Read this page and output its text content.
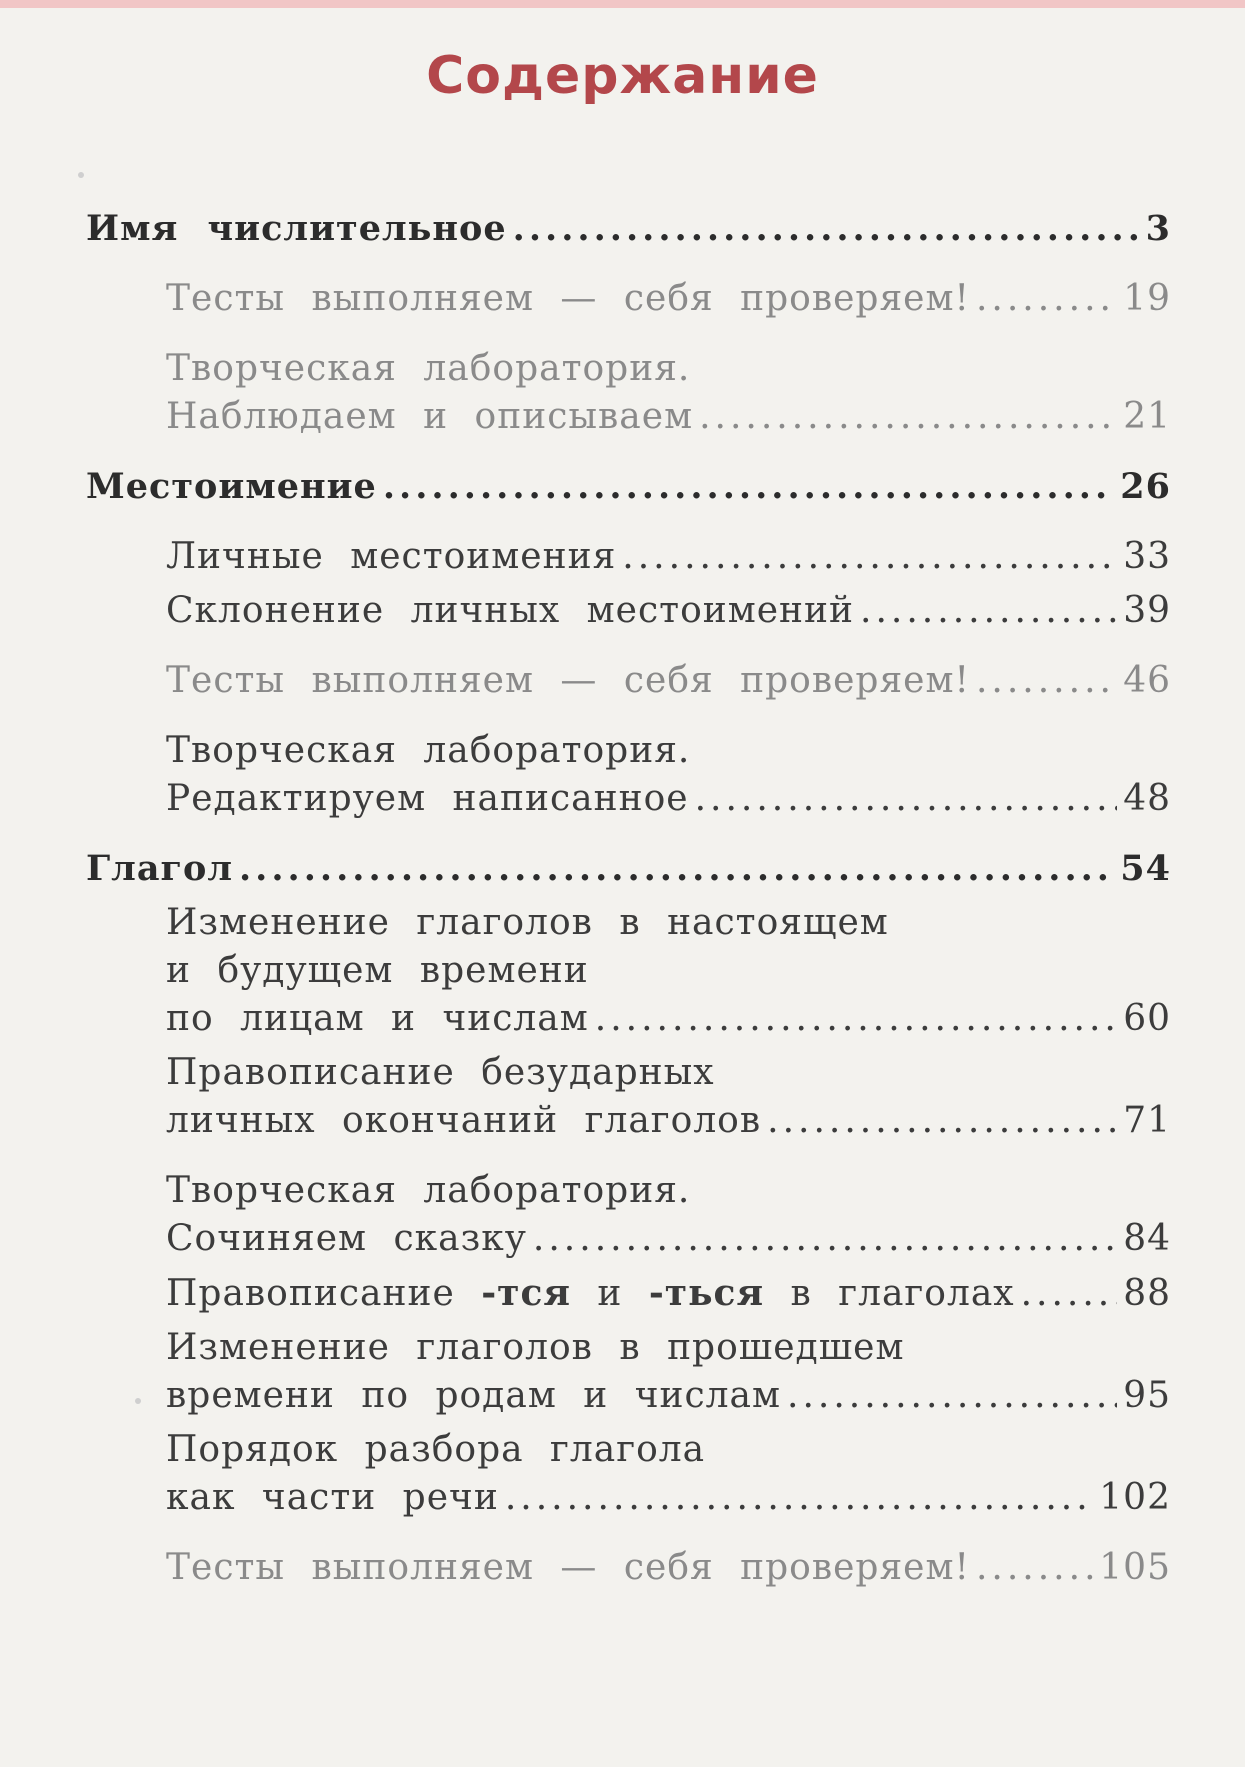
Содержание
Имя числительное .....	3
Тесты выполняем — себя проверяем! .....	19
Творческая лаборатория.
Наблюдаем и описываем .....	21
Местоимение .....	26
Личные местоимения .....	33
Склонение личных местоимений .....	39
Тесты выполняем — себя проверяем! .....	46
Творческая лаборатория.
Редактируем написанное .....	48
Глагол .....	54
Изменение глаголов в настоящем
и будущем времени
по лицам и числам .....	60
Правописание безударных
личных окончаний глаголов .....	71
Творческая лаборатория.
Сочиняем сказку .....	84
Правописание -тся и -ться в глаголах .....	88
Изменение глаголов в прошедшем
времени по родам и числам .....	95
Порядок разбора глагола
как части речи .....	102
Тесты выполняем — себя проверяем! .....	105
